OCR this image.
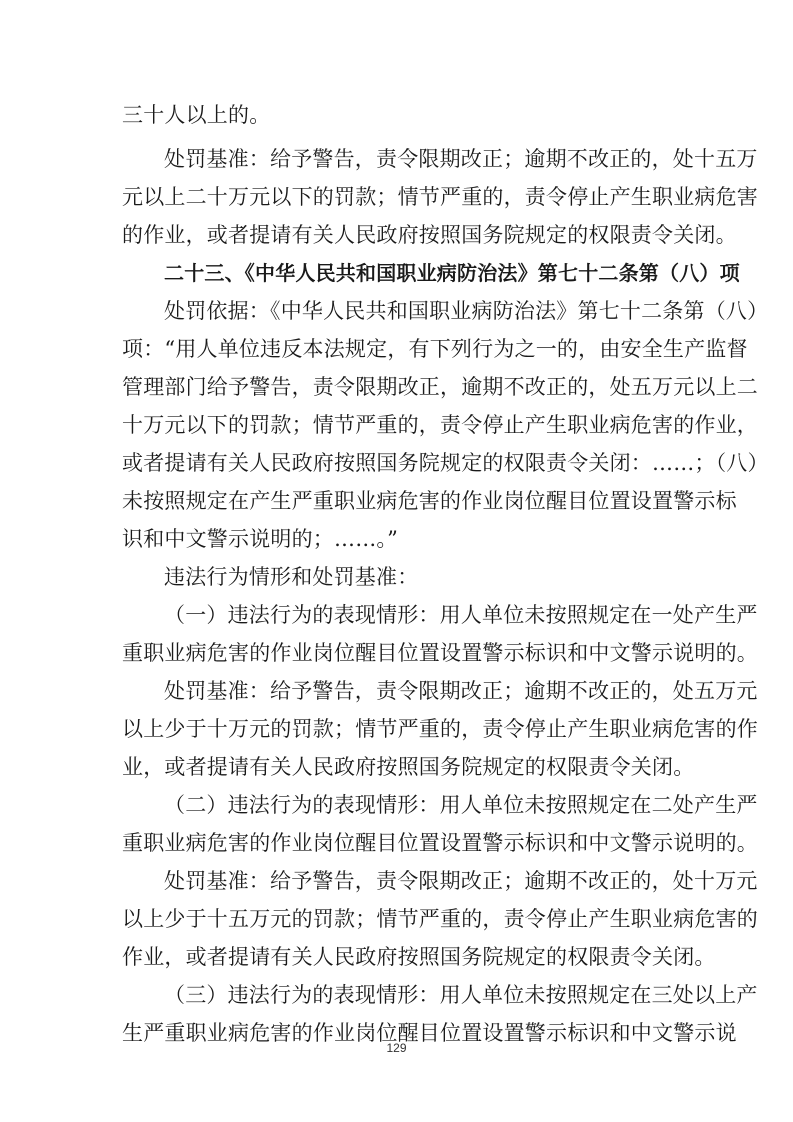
三十人以上的。
处罚基准：给予警告，责令限期改正；逾期不改正的，处十五万
元以上二十万元以下的罚款；情节严重的，责令停止产生职业病危害
的作业，或者提请有关人民政府按照国务院规定的权限责令关闭。
二十三、《中华人民共和国职业病防治法》第七十二条第（八）项
处罚依据：《中华人民共和国职业病防治法》第七十二条第（八）
项：“用人单位违反本法规定，有下列行为之一的，由安全生产监督
管理部门给予警告，责令限期改正，逾期不改正的，处五万元以上二
十万元以下的罚款；情节严重的，责令停止产生职业病危害的作业，
或者提请有关人民政府按照国务院规定的权限责令关闭：……；（八）
未按照规定在产生严重职业病危害的作业岗位醒目位置设置警示标
识和中文警示说明的；……。”
违法行为情形和处罚基准：
（一）违法行为的表现情形：用人单位未按照规定在一处产生严
重职业病危害的作业岗位醒目位置设置警示标识和中文警示说明的。
处罚基准：给予警告，责令限期改正；逾期不改正的，处五万元
以上少于十万元的罚款；情节严重的，责令停止产生职业病危害的作
业，或者提请有关人民政府按照国务院规定的权限责令关闭。
（二）违法行为的表现情形：用人单位未按照规定在二处产生严
重职业病危害的作业岗位醒目位置设置警示标识和中文警示说明的。
处罚基准：给予警告，责令限期改正；逾期不改正的，处十万元
以上少于十五万元的罚款；情节严重的，责令停止产生职业病危害的
作业，或者提请有关人民政府按照国务院规定的权限责令关闭。
（三）违法行为的表现情形：用人单位未按照规定在三处以上产
生严重职业病危害的作业岗位醒目位置设置警示标识和中文警示说
129
